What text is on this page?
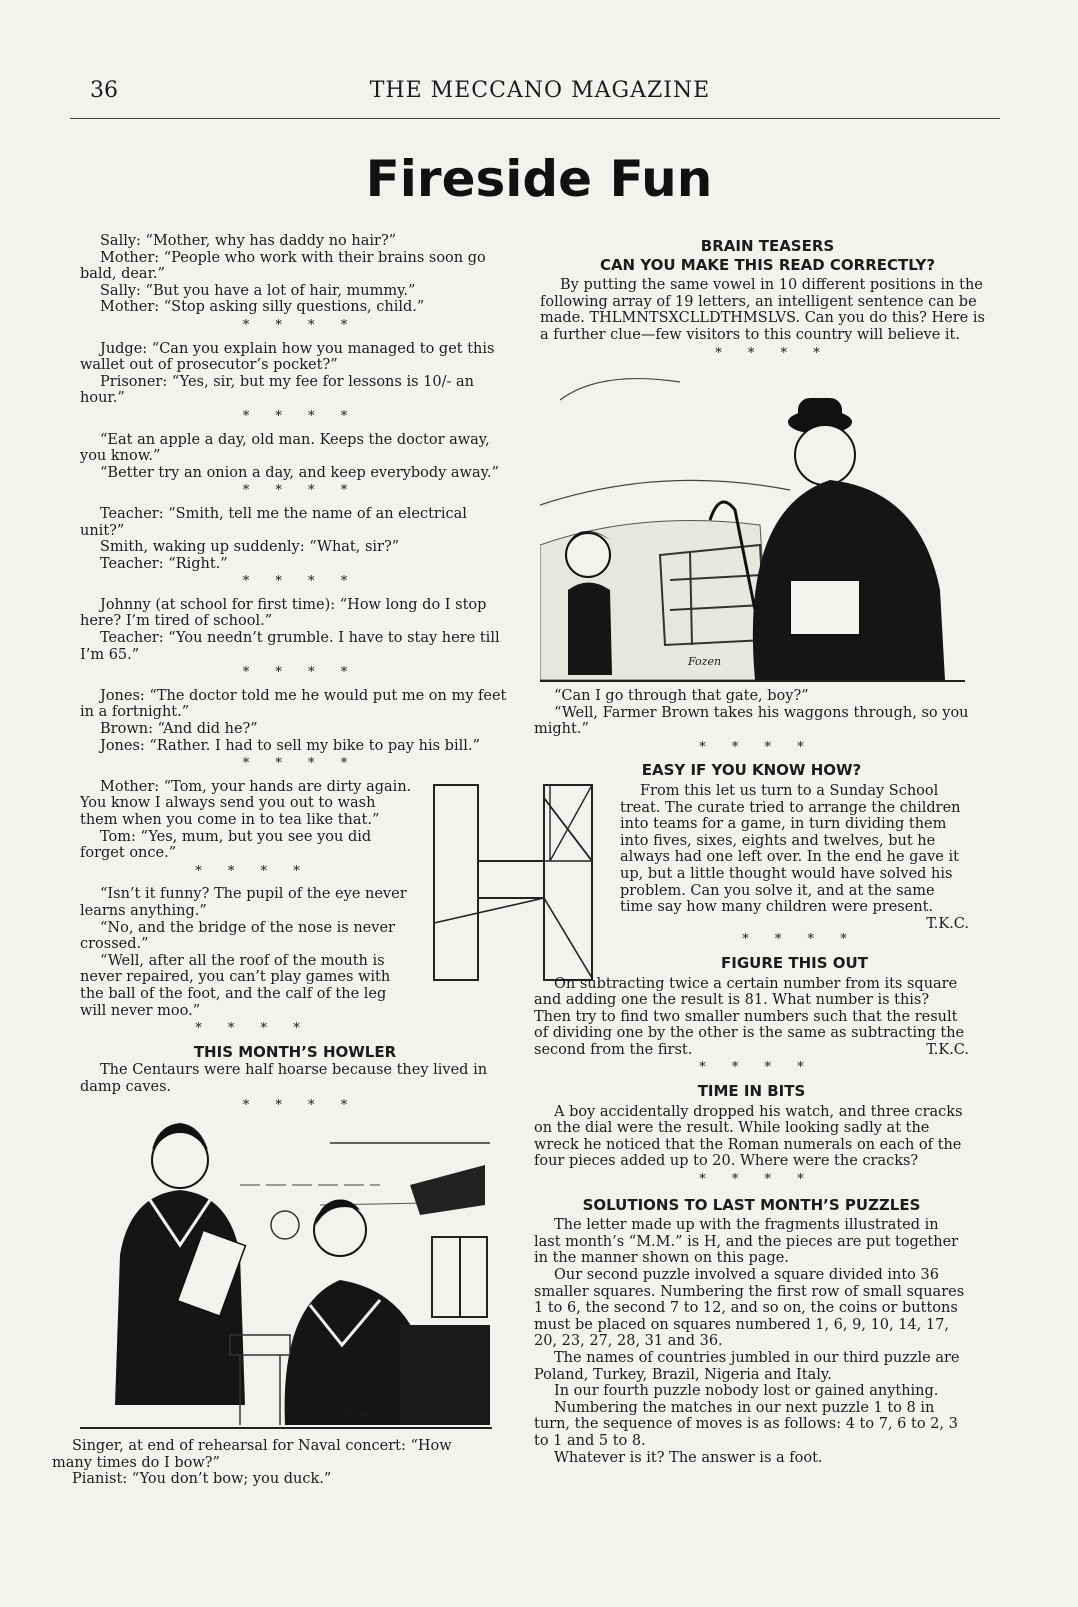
36	THE MECCANO MAGAZINE
Fireside Fun

Sally: “Mother, why has daddy no hair?”

Mother: “People who work with their brains soon go bald, dear.”

Sally: “But you have a lot of hair, mummy.”

Mother: “Stop asking silly questions, child.”

* * * *

Judge: “Can you explain how you managed to get this wallet out of prosecutor’s pocket?”

Prisoner: “Yes, sir, but my fee for lessons is 10/- an hour.”

* * * *

“Eat an apple a day, old man. Keeps the doctor away, you know.”

“Better try an onion a day, and keep everybody away.”

* * * *

Teacher: “Smith, tell me the name of an electrical unit?”

Smith, waking up suddenly: “What, sir?”

Teacher: “Right.”

* * * *

Johnny (at school for first time): “How long do I stop here? I’m tired of school.”

Teacher: “You needn’t grumble. I have to stay here till I’m 65.”

* * * *

Jones: “The doctor told me he would put me on my feet in a fortnight.”

Brown: “And did he?”

Jones: “Rather. I had to sell my bike to pay his bill.”

* * * *

Mother: “Tom, your hands are dirty again. You know I always send you out to wash them when you come in to tea like that.”

Tom: “Yes, mum, but you see you did forget once.”

* * * *

“Isn’t it funny? The pupil of the eye never learns anything.”

“No, and the bridge of the nose is never crossed.”

“Well, after all the roof of the mouth is never repaired, you can’t play games with the ball of the foot, and the calf of the leg will never moo.”

* * * *
THIS MONTH’S HOWLER

The Centaurs were half hoarse because they lived in damp caves.

fozen

Singer, at end of rehearsal for Naval concert: “How many times do I bow?”

Pianist: “You don’t bow; you duck.”

BRAIN TEASERS
CAN YOU MAKE THIS READ CORRECTLY?

By putting the same vowel in 10 different positions in the following array of 19 letters, an intelligent sentence can be made. THLMNTSXCLLDTHMSLVS. Can you do this? Here is a further clue—few visitors to this country will believe it.

* * * *
Fozen

“Can I go through that gate, boy?”

“Well, Farmer Brown takes his waggons through, so you might.”

* * * *
EASY IF YOU KNOW HOW?

From this let us turn to a Sunday School treat. The curate tried to arrange the children into teams for a game, in turn dividing them into fives, sixes, eights and twelves, but he always had one left over. In the end he gave it up, but a little thought would have solved his problem. Can you solve it, and at the same time say how many children were present.
T.K.C.

* * * *
FIGURE THIS OUT

On subtracting twice a certain number from its square and adding one the result is 81. What number is this? Then try to find two smaller numbers such that the result of dividing one by the other is the same as subtracting the second from the first.	T.K.C.

* * * *
TIME IN BITS

A boy accidentally dropped his watch, and three cracks on the dial were the result. While looking sadly at the wreck he noticed that the Roman numerals on each of the four pieces added up to 20. Where were the cracks?

* * * *
SOLUTIONS TO LAST MONTH’S PUZZLES

The letter made up with the fragments illustrated in last month’s “M.M.” is H, and the pieces are put together in the manner shown on this page.

Our second puzzle involved a square divided into 36 smaller squares. Numbering the first row of small squares 1 to 6, the second 7 to 12, and so on, the coins or buttons must be placed on squares numbered 1, 6, 9, 10, 14, 17, 20, 23, 27, 28, 31 and 36.

The names of countries jumbled in our third puzzle are Poland, Turkey, Brazil, Nigeria and Italy.

In our fourth puzzle nobody lost or gained anything.

Numbering the matches in our next puzzle 1 to 8 in turn, the sequence of moves is as follows: 4 to 7, 6 to 2, 3 to 1 and 5 to 8.

Whatever is it? The answer is a foot.
